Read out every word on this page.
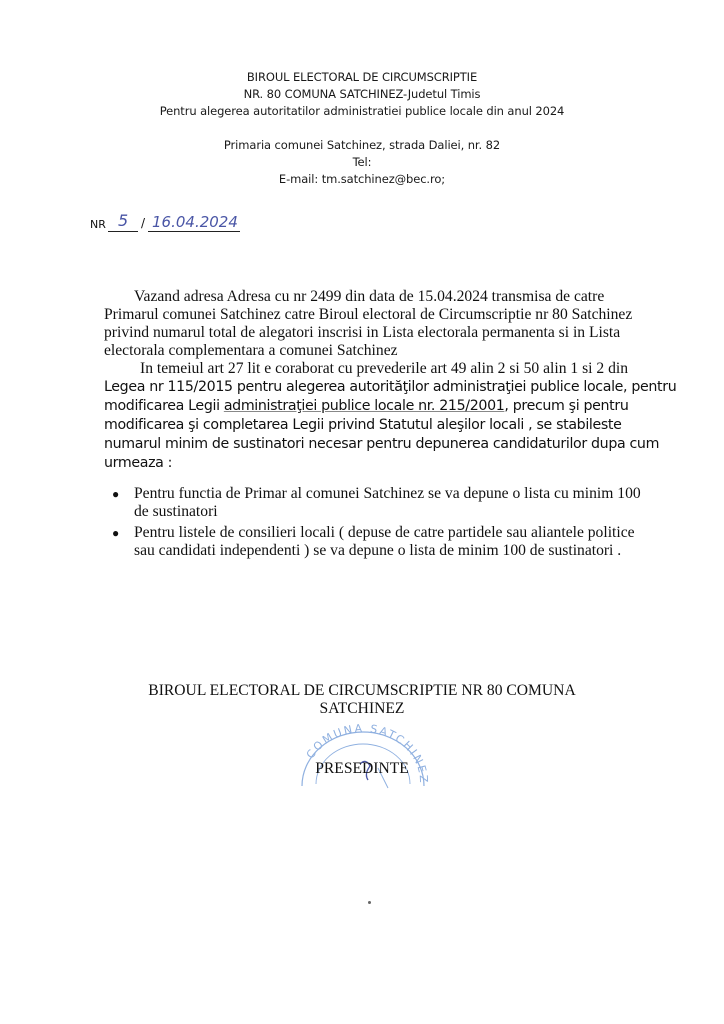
BIROUL ELECTORAL DE CIRCUMSCRIPTIE
NR. 80 COMUNA SATCHINEZ-Judetul Timis
Pentru alegerea autoritatilor administratiei publice locale din anul 2024
Primaria comunei Satchinez, strada Daliei, nr. 82
Tel:
E-mail: tm.satchinez@bec.ro;
NR 5 / 16.04.2024
Vazand adresa Adresa cu nr 2499 din data de 15.04.2024 transmisa de catre
Primarul comunei Satchinez catre Biroul electoral de Circumscriptie nr 80 Satchinez
privind numarul total de alegatori inscrisi in Lista electorala permanenta si in Lista
electorala complementara a comunei Satchinez
In temeiul art 27 lit e coraborat cu prevederile art 49 alin 2 si 50 alin 1 si 2 din
Legea nr 115/2015 pentru alegerea autorităţilor administraţiei publice locale, pentru
modificarea Legii administraţiei publice locale nr. 215/2001, precum şi pentru
modificarea şi completarea Legii privind Statutul aleşilor locali , se stabileste
numarul minim de sustinatori necesar pentru depunerea candidaturilor dupa cum
urmeaza :
● Pentru functia de Primar al comunei Satchinez se va depune o lista cu minim 100
de sustinatori
● Pentru listele de consilieri locali ( depuse de catre partidele sau aliantele politice
sau candidati independenti ) se va depune o lista de minim 100 de sustinatori .
BIROUL ELECTORAL DE CIRCUMSCRIPTIE NR 80 COMUNA
SATCHINEZ
COMUNA SATCHINEZ
PRESEDINTE
